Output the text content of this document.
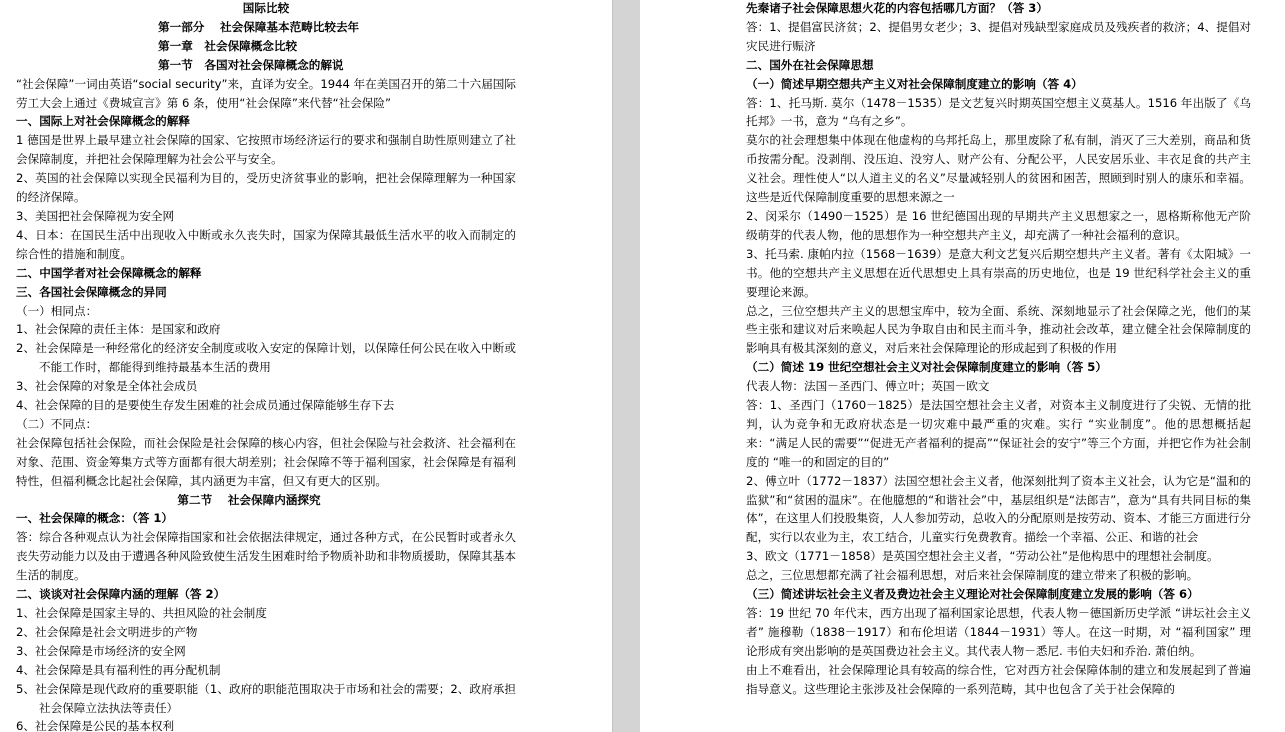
国际比较

第一部分　 社会保障基本范畴比较去年

第一章　社会保障概念比较

第一节　各国对社会保障概念的解说

“社会保障”一词由英语“social security”来，直译为安全。1944 年在美国召开的第二十六届国际劳工大会上通过《费城宣言》第 6 条，使用“社会保障”来代替“社会保险”

一、国际上对社会保障概念的解释

1 德国是世界上最早建立社会保障的国家、它按照市场经济运行的要求和强制自助性原则建立了社会保障制度，并把社会保障理解为社会公平与安全。

2、英国的社会保障以实现全民福利为目的，受历史济贫事业的影响，把社会保障理解为一种国家的经济保障。

3、美国把社会保障视为安全网

4、日本：在国民生活中出现收入中断或永久丧失时，国家为保障其最低生活水平的收入而制定的综合性的措施和制度。

二、中国学者对社会保障概念的解释

三、各国社会保障概念的异同

（一）相同点：

1、社会保障的责任主体：是国家和政府

2、社会保障是一种经常化的经济安全制度或收入安定的保障计划，以保障任何公民在收入中断或不能工作时，都能得到维持最基本生活的费用

3、社会保障的对象是全体社会成员

4、社会保障的目的是要使生存发生困难的社会成员通过保障能够生存下去

（二）不同点：

社会保障包括社会保险，而社会保险是社会保障的核心内容，但社会保险与社会救济、社会福利在对象、范围、资金筹集方式等方面都有很大胡差别；社会保障不等于福利国家，社会保障是有福利特性，但福利概念比起社会保障，其内涵更为丰富，但又有更大的区别。

第二节　 社会保障内涵探究

一、社会保障的概念：（答 1）

答：综合各种观点认为社会保障指国家和社会依据法律规定，通过各种方式，在公民暂时或者永久丧失劳动能力以及由于遭遇各种风险致使生活发生困难时给予物质补助和非物质援助，保障其基本生活的制度。

二、谈谈对社会保障内涵的理解（答 2）

1、社会保障是国家主导的、共担风险的社会制度

2、社会保障是社会文明进步的产物

3、社会保障是市场经济的安全网

4、社会保障是具有福利性的再分配机制

5、社会保障是现代政府的重要职能（1、政府的职能范围取决于市场和社会的需要；2、政府承担社会保障立法执法等责任）

6、社会保障是公民的基本权利

先秦诸子社会保障思想火花的内容包括哪几方面？（答 3）

答：1、提倡富民济贫；2、提倡男女老少；3、提倡对残缺型家庭成员及残疾者的救济；4、提倡对灾民进行赈济

二、国外在社会保障思想

（一）简述早期空想共产主义对社会保障制度建立的影响（答 4）

答：1、托马斯. 莫尔（1478－1535）是文艺复兴时期英国空想主义莫基人。1516 年出版了《乌托邦》一书，意为 “乌有之乡”。

莫尔的社会理想集中体现在他虚构的乌邦托岛上，那里废除了私有制，消灭了三大差别，商品和货币按需分配。没剥削、没压迫、没穷人、财产公有、分配公平，人民安居乐业、丰衣足食的共产主义社会。理性使人“以人道主义的名义”尽量减轻别人的贫困和困苦，照顾到时别人的康乐和幸福。这些是近代保障制度重要的思想来源之一

2、闵采尔（1490－1525）是 16 世纪德国出现的早期共产主义思想家之一，恩格斯称他无产阶级萌芽的代表人物，他的思想作为一种空想共产主义，却充满了一种社会福利的意识。

3、托马索. 康帕内拉（1568－1639）是意大利文艺复兴后期空想共产主义者。著有《太阳城》一书。他的空想共产主义思想在近代思想史上具有崇高的历史地位，也是 19 世纪科学社会主义的重要理论来源。

总之，三位空想共产主义的思想宝库中，较为全面、系统、深刻地显示了社会保障之光，他们的某些主张和建议对后来唤起人民为争取自由和民主而斗争，推动社会改革，建立健全社会保障制度的影响具有极其深刻的意义，对后来社会保障理论的形成起到了积极的作用

（二）简述 19 世纪空想社会主义对社会保障制度建立的影响（答 5）

代表人物：法国－圣西门、傅立叶；英国－欧文

答：1、圣西门（1760－1825）是法国空想社会主义者，对资本主义制度进行了尖锐、无情的批判，认为竞争和无政府状态是一切灾难中最严重的灾难。实行 “实业制度”。他的思想概括起来：“满足人民的需要”“促进无产者福利的提高”“保证社会的安宁”等三个方面，并把它作为社会制度的 “唯一的和固定的目的”

2、傅立叶（1772－1837）法国空想社会主义者，他深刻批判了资本主义社会，认为它是“温和的监狱”和“贫困的温床”。在他臆想的“和谐社会”中，基层组织是“法郎吉”，意为“具有共同目标的集体”，在这里人们投股集资，人人参加劳动，总收入的分配原则是按劳动、资本、才能三方面进行分配，实行以农业为主，农工结合，儿童实行免费教育。描绘一个幸福、公正、和谐的社会

3、欧文（1771－1858）是英国空想社会主义者，“劳动公社”是他构思中的理想社会制度。

总之，三位思想都充满了社会福利思想，对后来社会保障制度的建立带来了积极的影响。

（三）简述讲坛社会主义者及费边社会主义理论对社会保障制度建立发展的影响（答 6）

答：19 世纪 70 年代末，西方出现了福利国家论思想，代表人物－德国新历史学派 “讲坛社会主义者” 施穆勒（1838－1917）和布伦坦诺（1844－1931）等人。在这一时期，对 “福利国家” 理论形成有突出影响的是英国费边社会主义。其代表人物－悉尼. 韦伯夫妇和乔治. 萧伯纳。

由上不难看出，社会保障理论具有较高的综合性，它对西方社会保障体制的建立和发展起到了普遍指导意义。这些理论主张涉及社会保障的一系列范畴，其中也包含了关于社会保障的
